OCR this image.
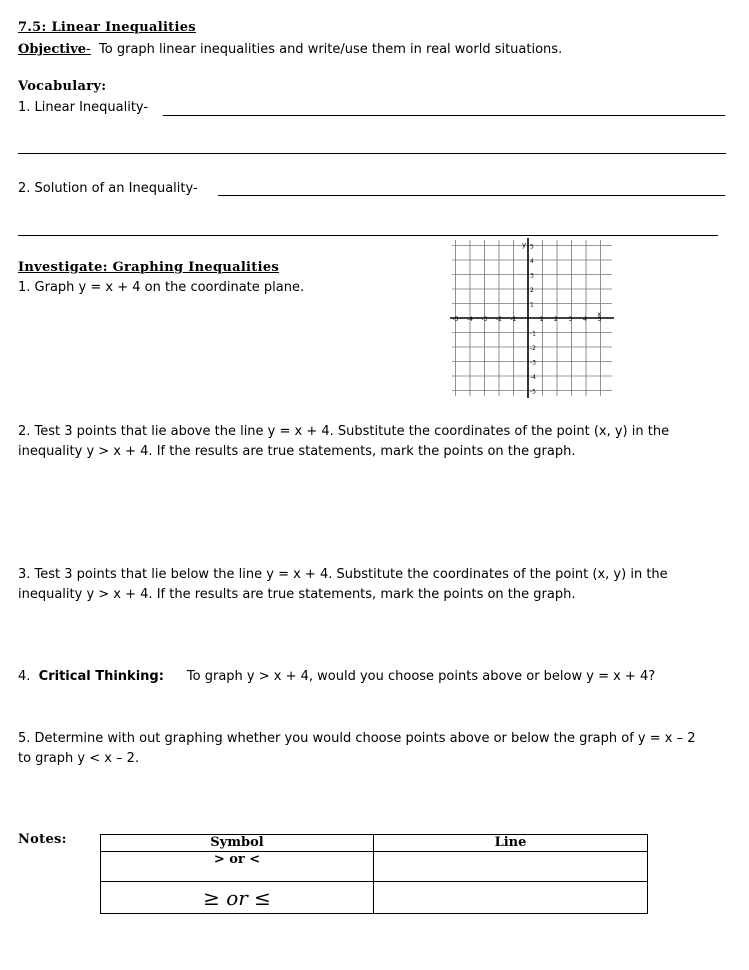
7.5: Linear Inequalities
Objective- To graph linear inequalities and write/use them in real world situations.
Vocabulary:
1. Linear Inequality-
2. Solution of an Inequality-
Investigate: Graphing Inequalities
1. Graph y = x + 4 on the coordinate plane.
y
x
-5 -4 -3 -2 -1	1 2 3 4 5
5
4
3
2
1
-1
-2
-3
-4
-5
2. Test 3 points that lie above the line y = x + 4. Substitute the coordinates of the point (x, y) in the
inequality y > x + 4. If the results are true statements, mark the points on the graph.
3. Test 3 points that lie below the line y = x + 4. Substitute the coordinates of the point (x, y) in the
inequality y > x + 4. If the results are true statements, mark the points on the graph.
4. Critical Thinking: To graph y > x + 4, would you choose points above or below y = x + 4?
5. Determine with out graphing whether you would choose points above or below the graph of y = x – 2
to graph y < x – 2.
Notes:	Symbol	Line
> or <	
≥ or ≤	
